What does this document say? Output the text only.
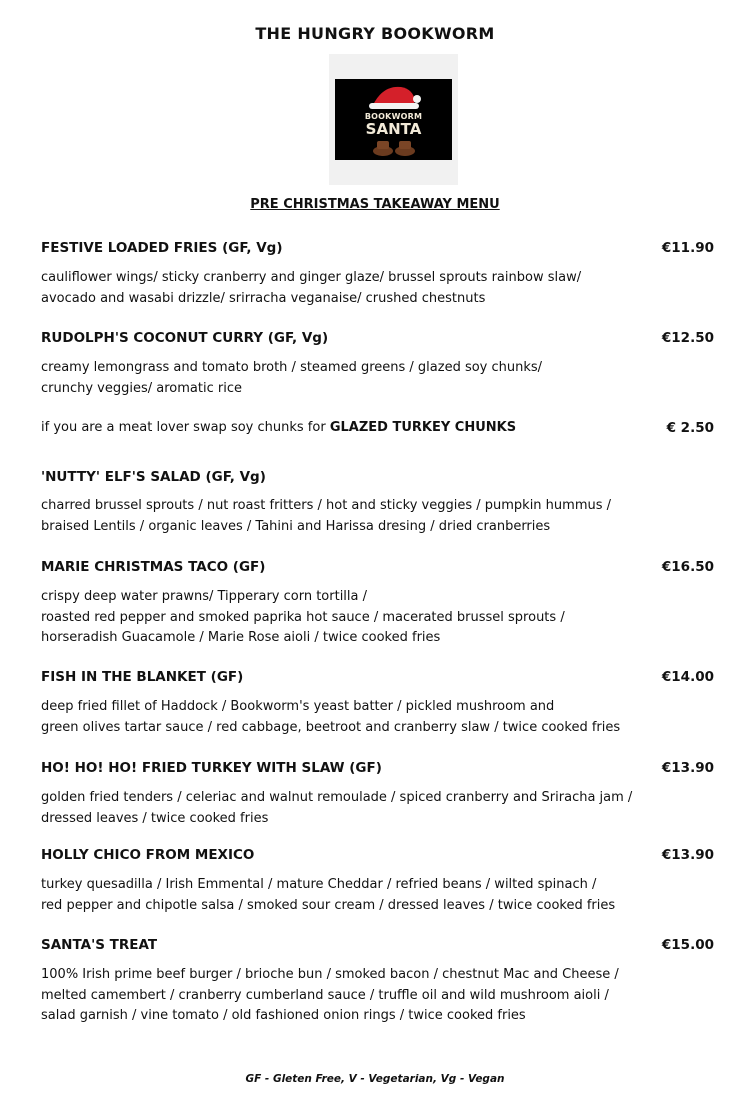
THE HUNGRY BOOKWORM
BOOKWORM
SANTA
PRE CHRISTMAS TAKEAWAY MENU
FESTIVE LOADED FRIES (GF, Vg)	€11.90
cauliflower wings/ sticky cranberry and ginger glaze/ brussel sprouts rainbow slaw/
avocado and wasabi drizzle/ srirracha veganaise/ crushed chestnuts
RUDOLPH'S COCONUT CURRY (GF, Vg)	€12.50
creamy lemongrass and tomato broth / steamed greens / glazed soy chunks/
crunchy veggies/ aromatic rice
if you are a meat lover swap soy chunks for GLAZED TURKEY CHUNKS	€ 2.50
'NUTTY' ELF'S SALAD (GF, Vg)
charred brussel sprouts / nut roast fritters / hot and sticky veggies / pumpkin hummus /
braised Lentils / organic leaves / Tahini and Harissa dresing / dried cranberries
MARIE CHRISTMAS TACO (GF)	€16.50
crispy deep water prawns/ Tipperary corn tortilla /
roasted red pepper and smoked paprika hot sauce / macerated brussel sprouts /
horseradish Guacamole / Marie Rose aioli / twice cooked fries
FISH IN THE BLANKET (GF)	€14.00
deep fried fillet of Haddock / Bookworm's yeast batter / pickled mushroom and
green olives tartar sauce / red cabbage, beetroot and cranberry slaw / twice cooked fries
HO! HO! HO! FRIED TURKEY WITH SLAW (GF)	€13.90
golden fried tenders / celeriac and walnut remoulade / spiced cranberry and Sriracha jam /
dressed leaves / twice cooked fries
HOLLY CHICO FROM MEXICO	€13.90
turkey quesadilla / Irish Emmental / mature Cheddar / refried beans / wilted spinach /
red pepper and chipotle salsa / smoked sour cream / dressed leaves / twice cooked fries
SANTA'S TREAT	€15.00
100% Irish prime beef burger / brioche bun / smoked bacon / chestnut Mac and Cheese /
melted camembert / cranberry cumberland sauce / truffle oil and wild mushroom aioli /
salad garnish / vine tomato / old fashioned onion rings / twice cooked fries
GF - Gleten Free, V - Vegetarian, Vg - Vegan
